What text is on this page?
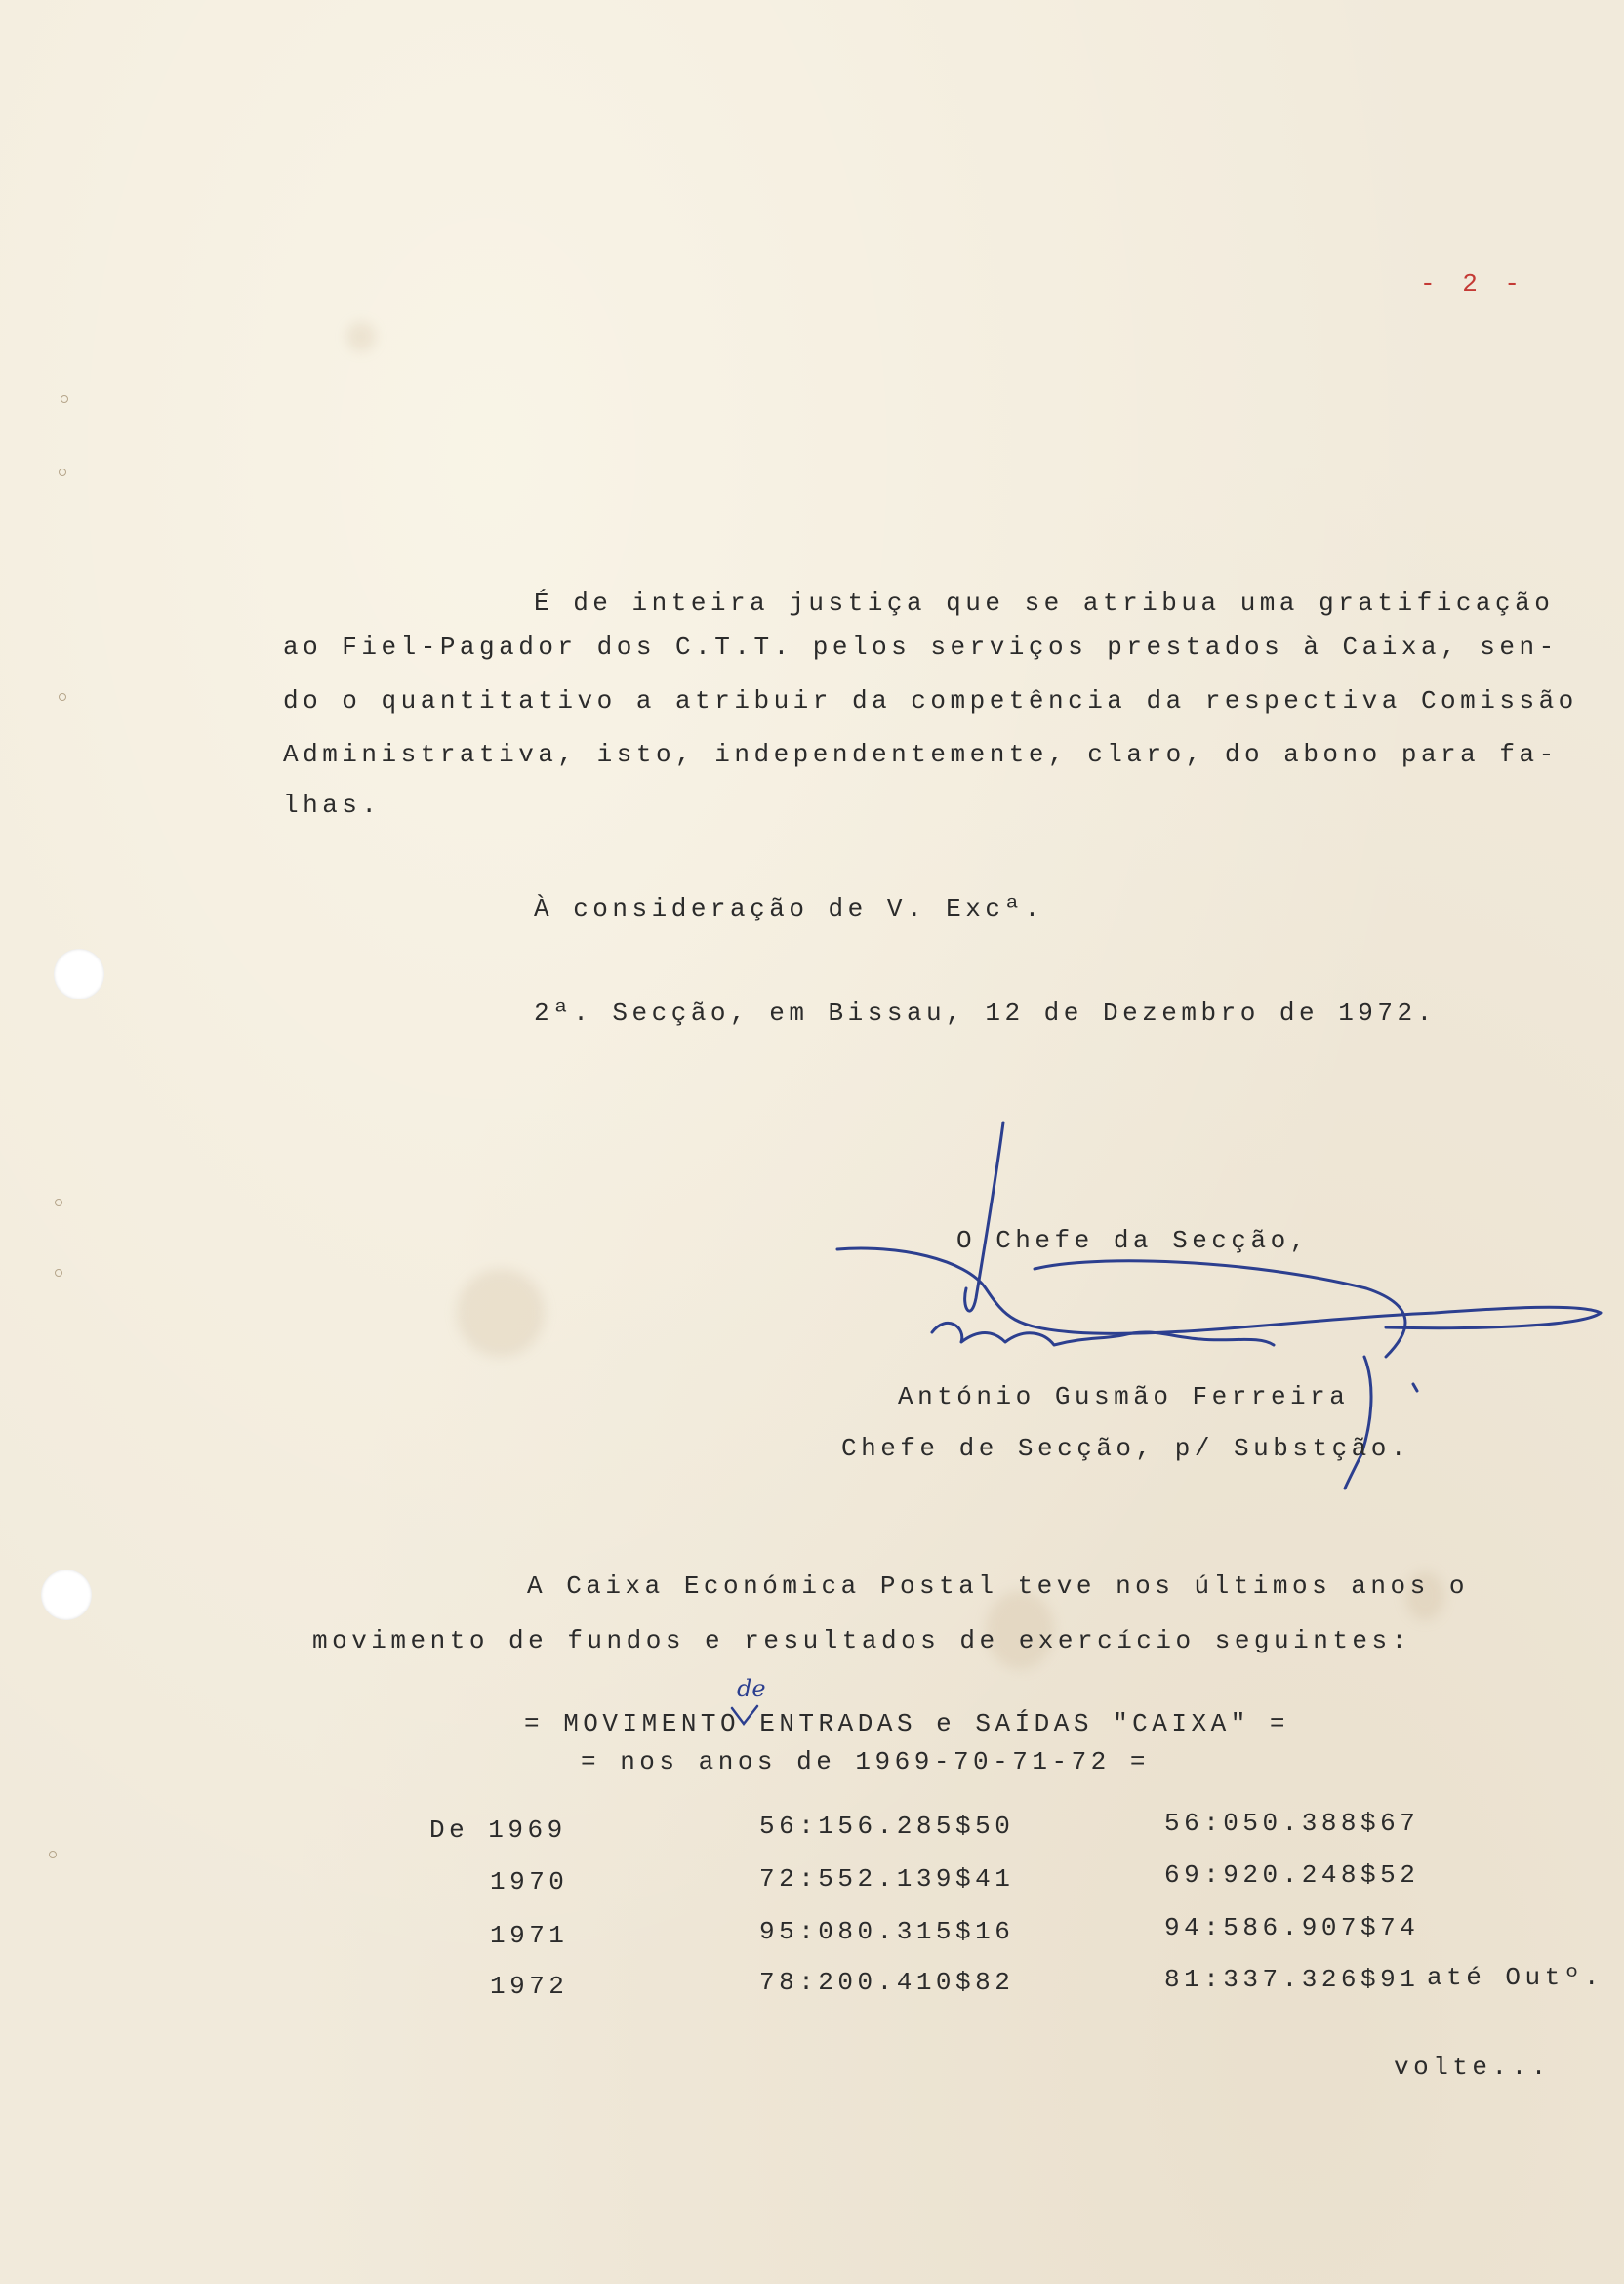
- 2 -
É de inteira justiça que se atribua uma gratificação
ao Fiel-Pagador dos C.T.T. pelos serviços prestados à Caixa, sen-
do o quantitativo a atribuir da competência da respectiva Comissão
Administrativa, isto, independentemente, claro, do abono para fa-
lhas.
À consideração de V. Excª.
2ª. Secção, em Bissau, 12 de Dezembro de 1972.
O Chefe da Secção,
António Gusmão Ferreira
Chefe de Secção, p/ Substção.
A Caixa Económica Postal teve nos últimos anos o
movimento de fundos e resultados de exercício seguintes:
= MOVIMENTO ENTRADAS e SAÍDAS "CAIXA" =
de
= nos anos de 1969-70-71-72 =
De 1969	56:156.285$50	56:050.388$67
1970	72:552.139$41	69:920.248$52
1971	95:080.315$16	94:586.907$74
1972	78:200.410$82	81:337.326$91 até Outº.
volte...
